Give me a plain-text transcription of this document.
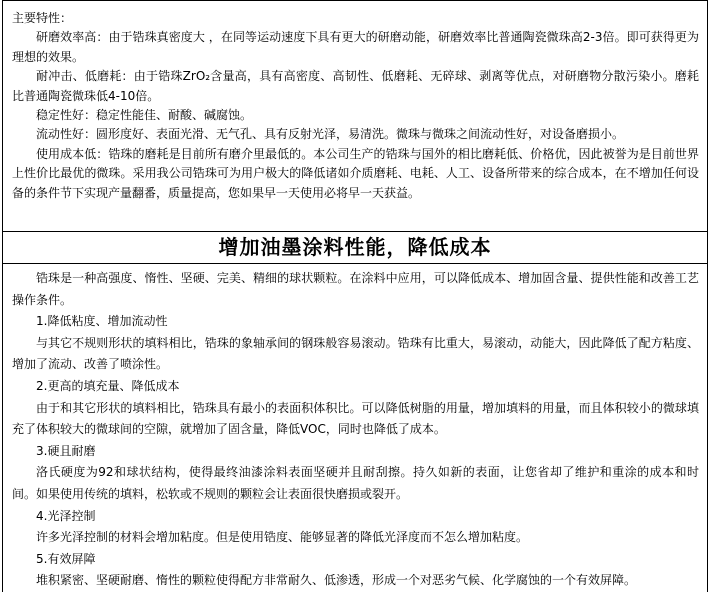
主要特性：

研磨效率高：由于锆珠真密度大 ，在同等运动速度下具有更大的研磨动能，研磨效率比普通陶瓷微珠高2-3倍。即可获得更为理想的效果。

耐冲击、低磨耗：由于锆珠ZrO₂含量高，具有高密度、高韧性、低磨耗、无碎球、剥离等优点，对研磨物分散污染小。磨耗比普通陶瓷微珠低4-10倍。

稳定性好：稳定性能佳、耐酸、碱腐蚀。

流动性好：圆形度好、表面光滑、无气孔、具有反射光泽，易清洗。微珠与微珠之间流动性好，对设备磨损小。

使用成本低：锆珠的磨耗是目前所有磨介里最低的。本公司生产的锆珠与国外的相比磨耗低、价格优，因此被誉为是目前世界上性价比最优的微珠。采用我公司锆珠可为用户极大的降低诸如介质磨耗、电耗、人工、设备所带来的综合成本，在不增加任何设备的条件节下实现产量翻番，质量提高，您如果早一天使用必将早一天获益。

增加油墨涂料性能，降低成本

锆珠是一种高强度、惰性、坚硬、完美、精细的球状颗粒。在涂料中应用，可以降低成本、增加固含量、提供性能和改善工艺操作条件。

1.降低粘度、增加流动性

与其它不规则形状的填料相比，锆珠的象轴承间的钢珠般容易滚动。锆珠有比重大，易滚动，动能大，因此降低了配方粘度、增加了流动、改善了喷涂性。

2.更高的填充量、降低成本

由于和其它形状的填料相比，锆珠具有最小的表面积体积比。可以降低树脂的用量，增加填料的用量，而且体积较小的微球填充了体积较大的微球间的空隙，就增加了固含量，降低VOC，同时也降低了成本。

3.硬且耐磨

洛氏硬度为92和球状结构，使得最终油漆涂料表面坚硬并且耐刮擦。持久如新的表面，让您省却了维护和重涂的成本和时间。如果使用传统的填料，松软或不规则的颗粒会让表面很快磨损或裂开。

4.光泽控制

许多光泽控制的材料会增加粘度。但是使用锆度、能够显著的降低光泽度而不怎么增加粘度。

5.有效屏障

堆积紧密、坚硬耐磨、惰性的颗粒使得配方非常耐久、低渗透，形成一个对恶劣气候、化学腐蚀的一个有效屏障。
